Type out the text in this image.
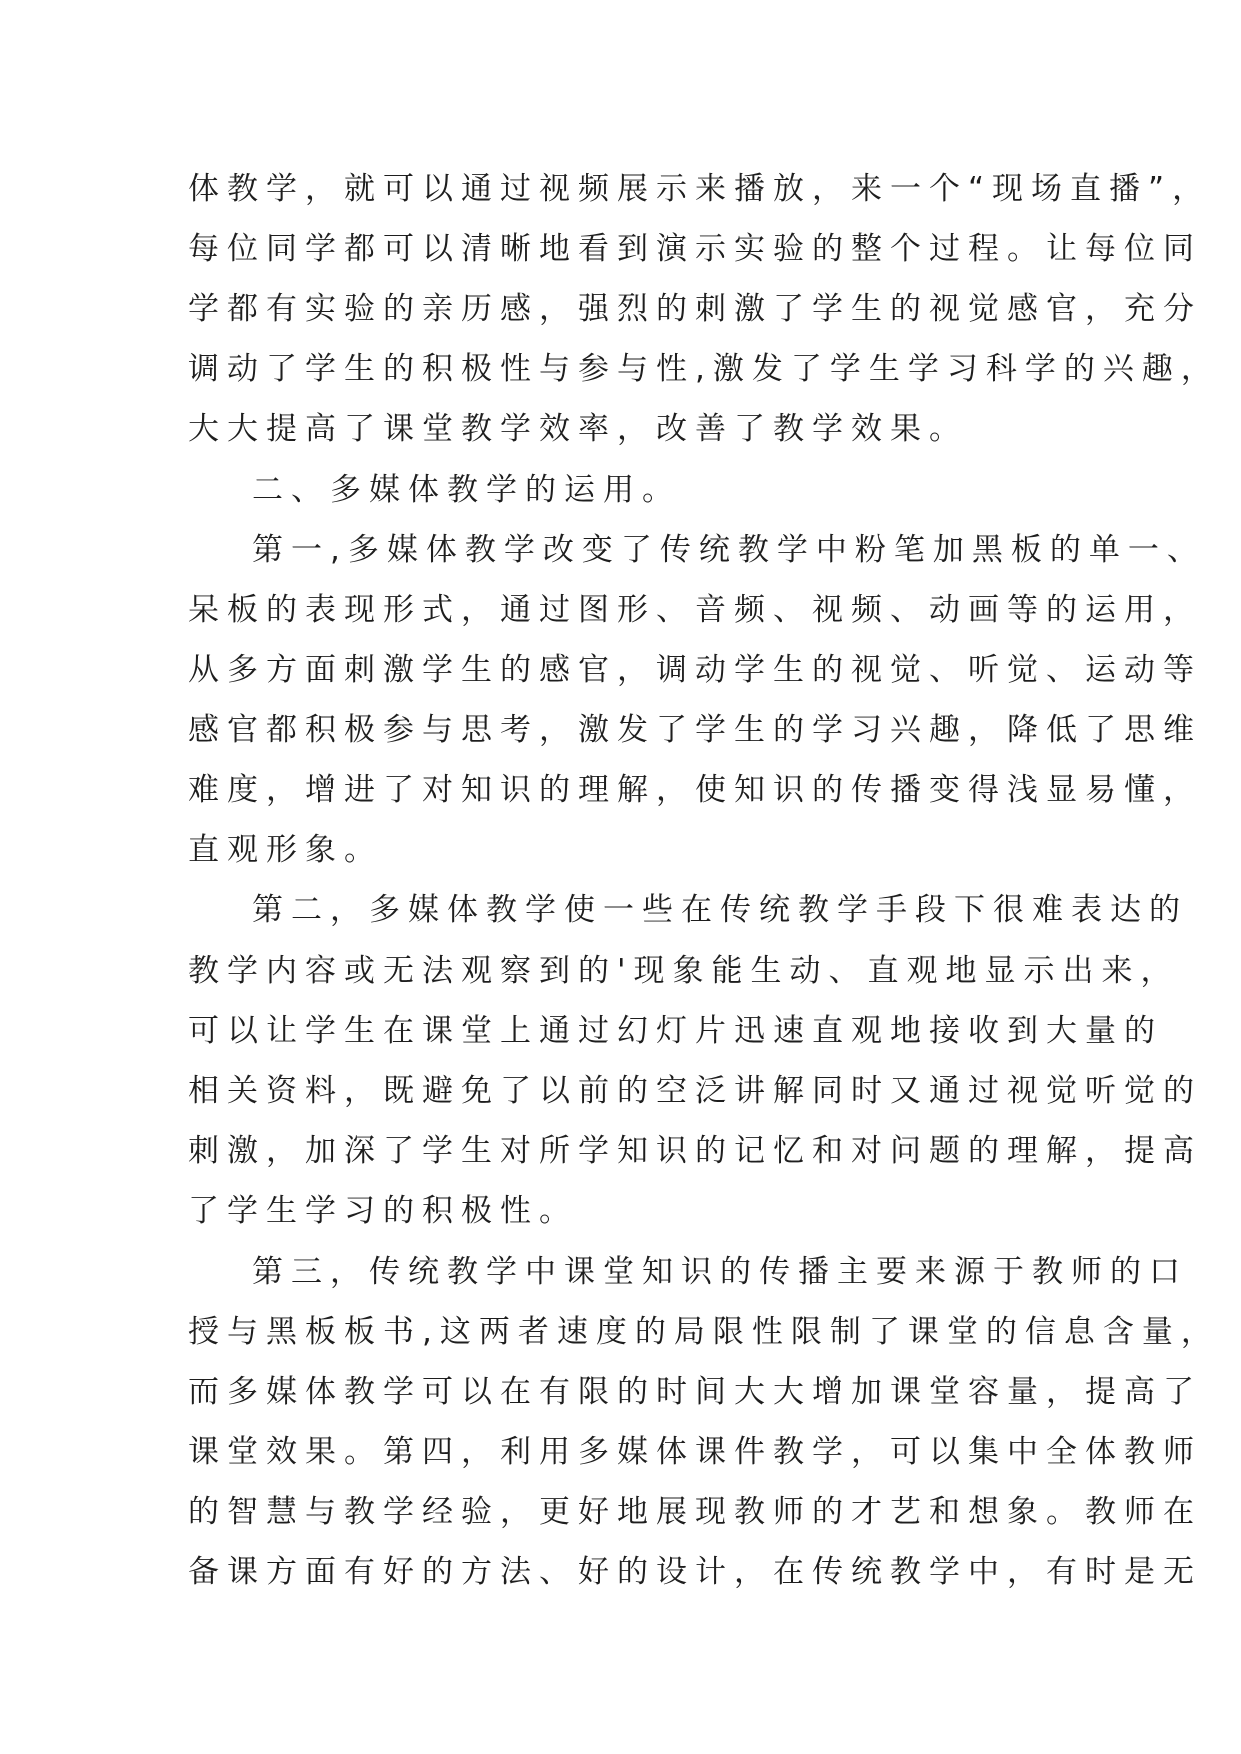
体教学，就可以通过视频展示来播放，来一个“现场直播”，
每位同学都可以清晰地看到演示实验的整个过程。让每位同
学都有实验的亲历感，强烈的刺激了学生的视觉感官，充分
调动了学生的积极性与参与性,激发了学生学习科学的兴趣，
大大提高了课堂教学效率，改善了教学效果。
二、多媒体教学的运用。
第一,多媒体教学改变了传统教学中粉笔加黑板的单一、
呆板的表现形式，通过图形、音频、视频、动画等的运用，
从多方面刺激学生的感官，调动学生的视觉、听觉、运动等
感官都积极参与思考，激发了学生的学习兴趣，降低了思维
难度，增进了对知识的理解，使知识的传播变得浅显易懂，
直观形象。
第二，多媒体教学使一些在传统教学手段下很难表达的
教学内容或无法观察到的'现象能生动、直观地显示出来，
可以让学生在课堂上通过幻灯片迅速直观地接收到大量的
相关资料，既避免了以前的空泛讲解同时又通过视觉听觉的
刺激，加深了学生对所学知识的记忆和对问题的理解，提高
了学生学习的积极性。
第三，传统教学中课堂知识的传播主要来源于教师的口
授与黑板板书,这两者速度的局限性限制了课堂的信息含量，
而多媒体教学可以在有限的时间大大增加课堂容量，提高了
课堂效果。第四，利用多媒体课件教学，可以集中全体教师
的智慧与教学经验，更好地展现教师的才艺和想象。教师在
备课方面有好的方法、好的设计，在传统教学中，有时是无
